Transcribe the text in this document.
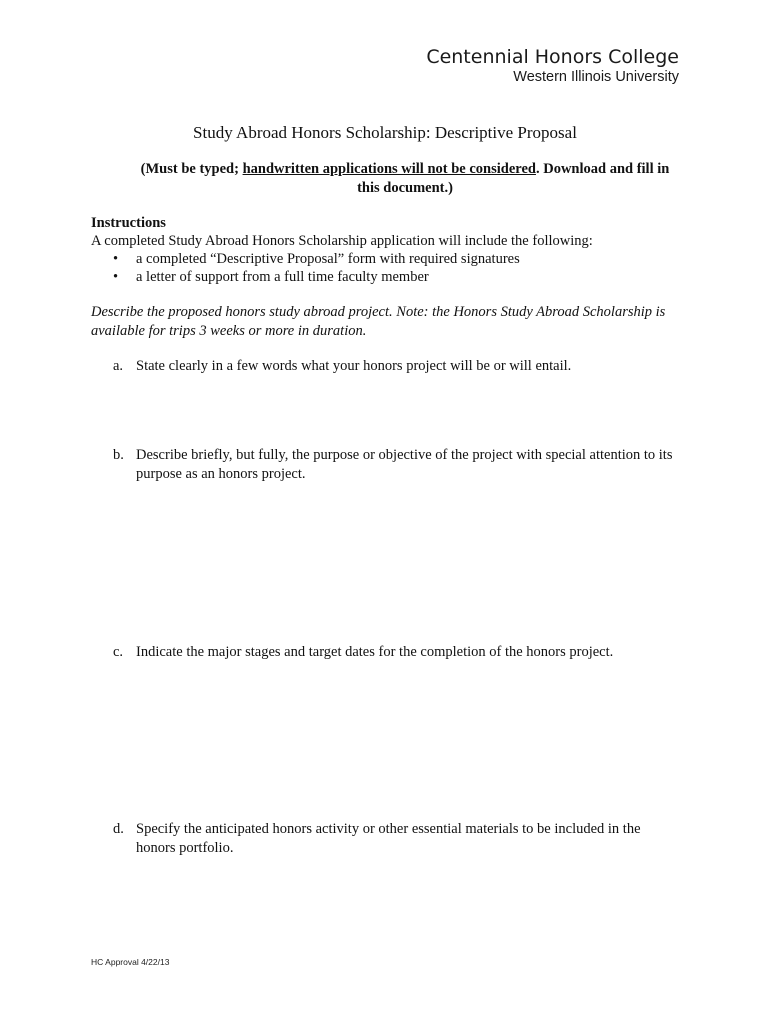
Centennial Honors College
Western Illinois University
Study Abroad Honors Scholarship: Descriptive Proposal
(Must be typed; handwritten applications will not be considered. Download and fill in this document.)
Instructions
A completed Study Abroad Honors Scholarship application will include the following:
• a completed “Descriptive Proposal” form with required signatures
• a letter of support from a full time faculty member
Describe the proposed honors study abroad project. Note: the Honors Study Abroad Scholarship is available for trips 3 weeks or more in duration.
a. State clearly in a few words what your honors project will be or will entail.
b. Describe briefly, but fully, the purpose or objective of the project with special attention to its purpose as an honors project.
c. Indicate the major stages and target dates for the completion of the honors project.
d. Specify the anticipated honors activity or other essential materials to be included in the honors portfolio.
HC Approval 4/22/13
